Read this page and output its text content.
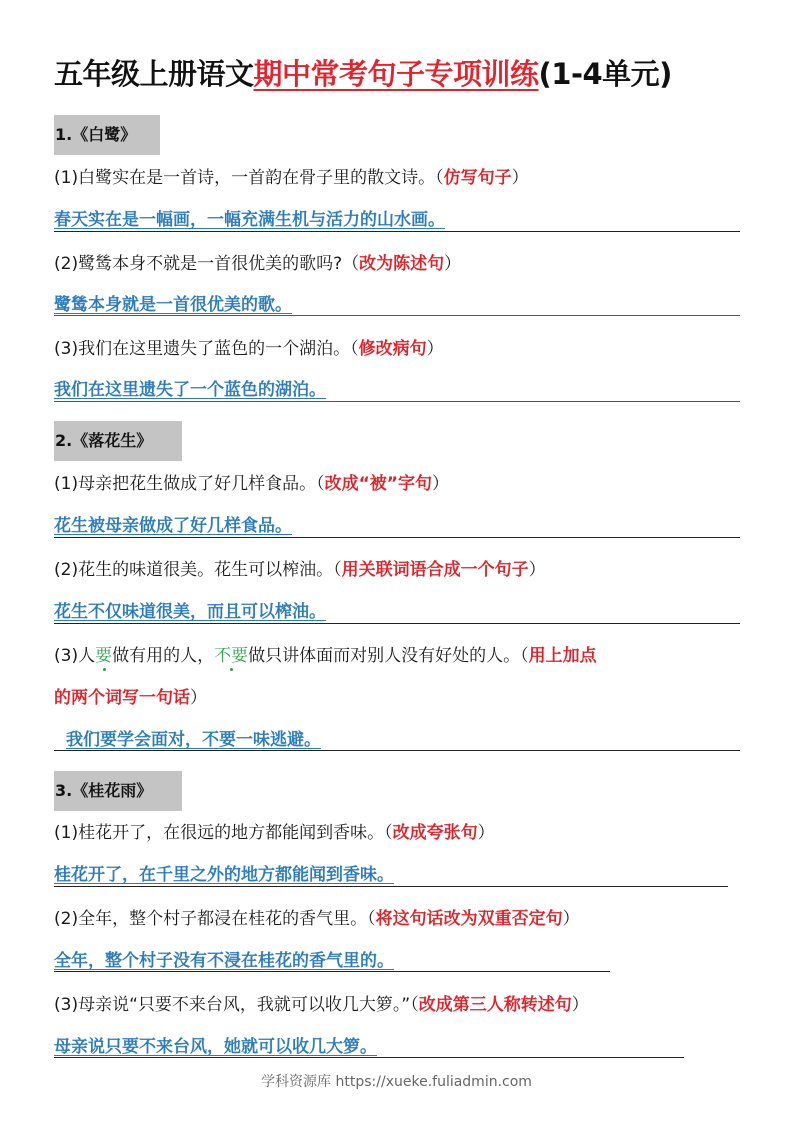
五年级上册语文期中常考句子专项训练(1-4单元)
1.《白鹭》
(1)白鹭实在是一首诗，一首韵在骨子里的散文诗。（仿写句子）
春天实在是一幅画，一幅充满生机与活力的山水画。
(2)鹭鸶本身不就是一首很优美的歌吗?（改为陈述句）
鹭鸶本身就是一首很优美的歌。
(3)我们在这里遗失了蓝色的一个湖泊。（修改病句）
我们在这里遗失了一个蓝色的湖泊。
2.《落花生》
(1)母亲把花生做成了好几样食品。（改成“被”字句）
花生被母亲做成了好几样食品。
(2)花生的味道很美。花生可以榨油。（用关联词语合成一个句子）
花生不仅味道很美，而且可以榨油。
(3)人要做有用的人，不要做只讲体面而对别人没有好处的人。（用上加点
的两个词写一句话）
我们要学会面对，不要一味逃避。
3.《桂花雨》
(1)桂花开了，在很远的地方都能闻到香味。（改成夸张句）
桂花开了，在千里之外的地方都能闻到香味。
(2)全年，整个村子都浸在桂花的香气里。（将这句话改为双重否定句）
全年，整个村子没有不浸在桂花的香气里的。
(3)母亲说“只要不来台风，我就可以收几大箩。”（改成第三人称转述句）
母亲说只要不来台风，她就可以收几大箩。
学科资源库 https://xueke.fuliadmin.com
